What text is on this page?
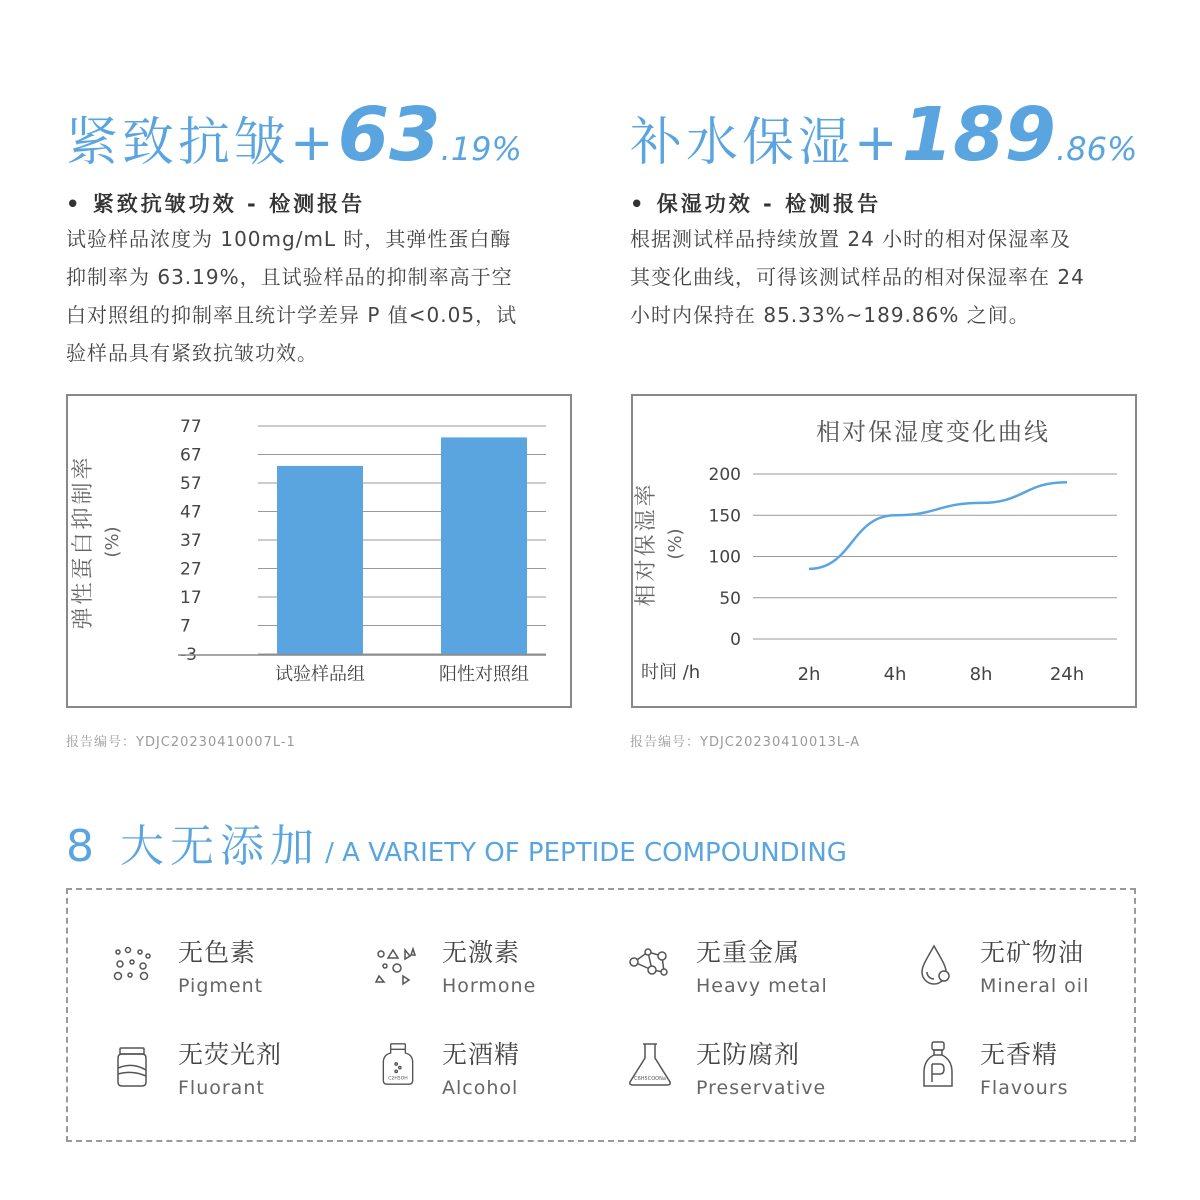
紧致抗皱+63.19%
• 紧致抗皱功效 - 检测报告
试验样品浓度为 100mg/mL 时，其弹性蛋白酶
抑制率为 63.19%，且试验样品的抑制率高于空
白对照组的抑制率且统计学差异 P 值<0.05，试
验样品具有紧致抗皱功效。
补水保湿+189.86%
• 保湿功效 - 检测报告
根据测试样品持续放置 24 小时的相对保湿率及
其变化曲线，可得该测试样品的相对保湿率在 24
小时内保持在 85.33%~189.86% 之间。
77
67
57
47
37
27
17
7
-3
试验样品组	阳性对照组
弹性蛋白抑制率 (%)
报告编号：YDJC20230410007L-1
相对保湿度变化曲线
200
150
100
50
0
2h	4h	8h	24h
时间 /h
相对保湿率 (%)
报告编号：YDJC20230410013L-A
8 大无添加 / A VARIETY OF PEPTIDE COMPOUNDING
无色素
Pigment
无激素
Hormone
无重金属
Heavy metal
无矿物油
Mineral oil
无荧光剂
Fluorant	C2H5OH
无酒精
Alcohol	C6H5COONa
无防腐剂
Preservative
无香精
Flavours
